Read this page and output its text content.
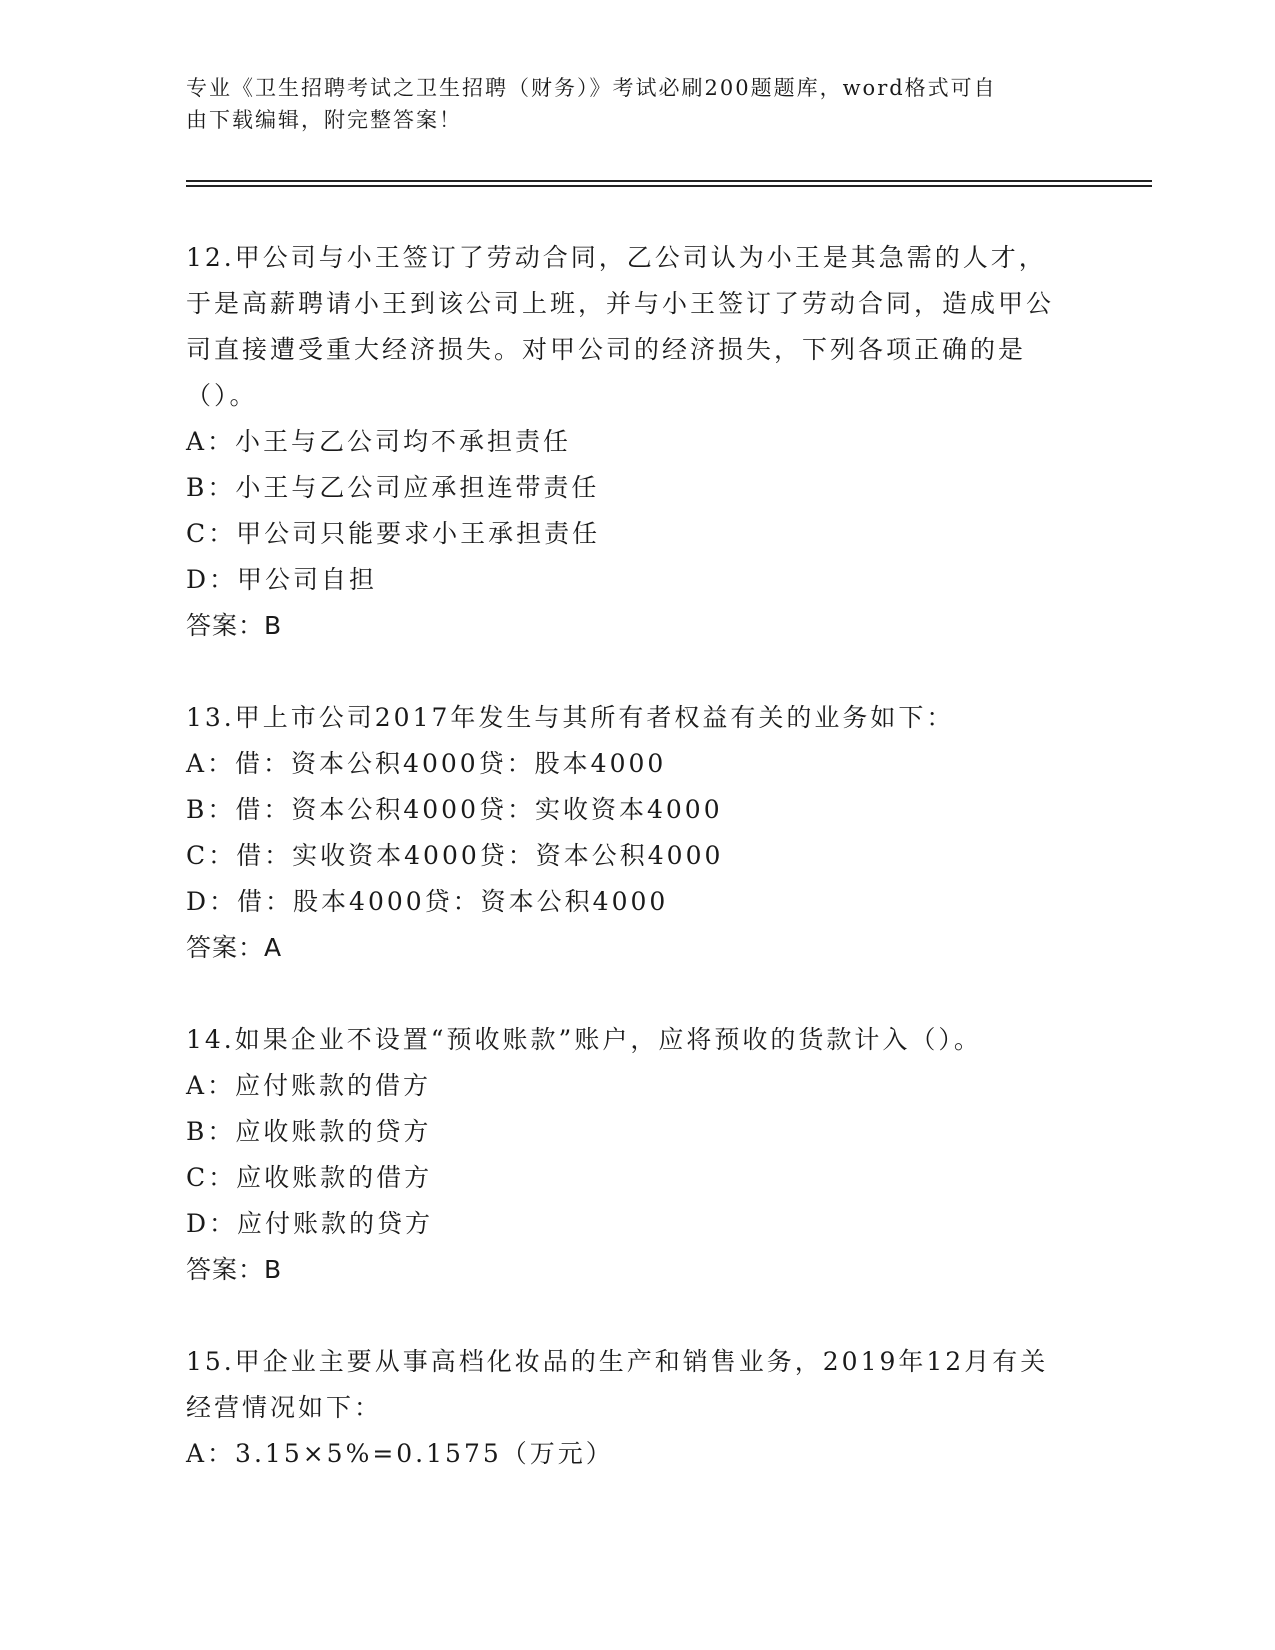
专业《卫生招聘考试之卫生招聘（财务）》考试必刷200题题库，word格式可自
由下载编辑，附完整答案！

12.甲公司与小王签订了劳动合同，乙公司认为小王是其急需的人才，于是高薪聘请小王到该公司上班，并与小王签订了劳动合同，造成甲公司直接遭受重大经济损失。对甲公司的经济损失，下列各项正确的是（）。

A：小王与乙公司均不承担责任

B：小王与乙公司应承担连带责任

C：甲公司只能要求小王承担责任

D：甲公司自担

答案：B

13.甲上市公司2017年发生与其所有者权益有关的业务如下：

A：借：资本公积4000贷：股本4000

B：借：资本公积4000贷：实收资本4000

C：借：实收资本4000贷：资本公积4000

D：借：股本4000贷：资本公积4000

答案：A

14.如果企业不设置“预收账款”账户，应将预收的货款计入（）。

A：应付账款的借方

B：应收账款的贷方

C：应收账款的借方

D：应付账款的贷方

答案：B

15.甲企业主要从事高档化妆品的生产和销售业务，2019年12月有关经营情况如下：

A：3.15×5%=0.1575（万元）
